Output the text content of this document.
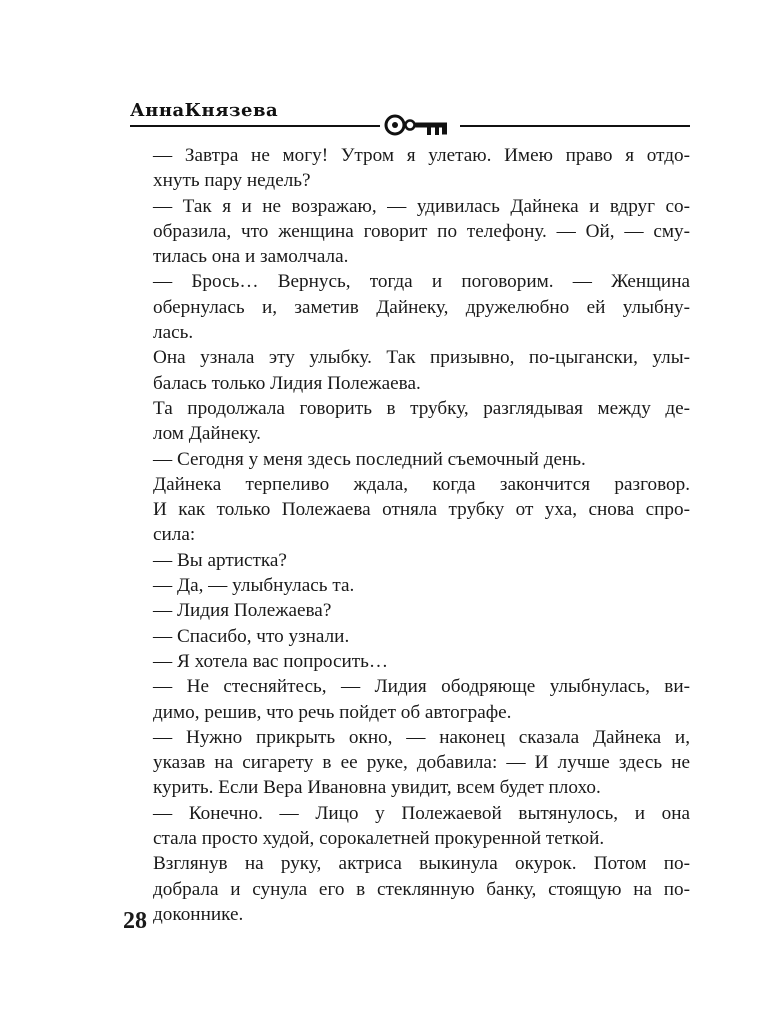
АннаКнязева

— Завтра не могу! Утром я улетаю. Имею право я отдо-
хнуть пару недель?

— Так я и не возражаю, — удивилась Дайнека и вдруг со-
образила, что женщина говорит по телефону. — Ой, — сму-
тилась она и замолчала.

— Брось… Вернусь, тогда и поговорим. — Женщина
обернулась и, заметив Дайнеку, дружелюбно ей улыбну-
лась.

Она узнала эту улыбку. Так призывно, по-цыгански, улы-
балась только Лидия Полежаева.

Та продолжала говорить в трубку, разглядывая между де-
лом Дайнеку.

— Сегодня у меня здесь последний съемочный день.

Дайнека терпеливо ждала, когда закончится разговор.
И как только Полежаева отняла трубку от уха, снова спро-
сила:

— Вы артистка?

— Да, — улыбнулась та.

— Лидия Полежаева?

— Спасибо, что узнали.

— Я хотела вас попросить…

— Не стесняйтесь, — Лидия ободряюще улыбнулась, ви-
димо, решив, что речь пойдет об автографе.

— Нужно прикрыть окно, — наконец сказала Дайнека и,
указав на сигарету в ее руке, добавила: — И лучше здесь не
курить. Если Вера Ивановна увидит, всем будет плохо.

— Конечно. — Лицо у Полежаевой вытянулось, и она
стала просто худой, сорокалетней прокуренной теткой.

Взглянув на руку, актриса выкинула окурок. Потом по-
добрала и сунула его в стеклянную банку, стоящую на по-
доконнике.

28
